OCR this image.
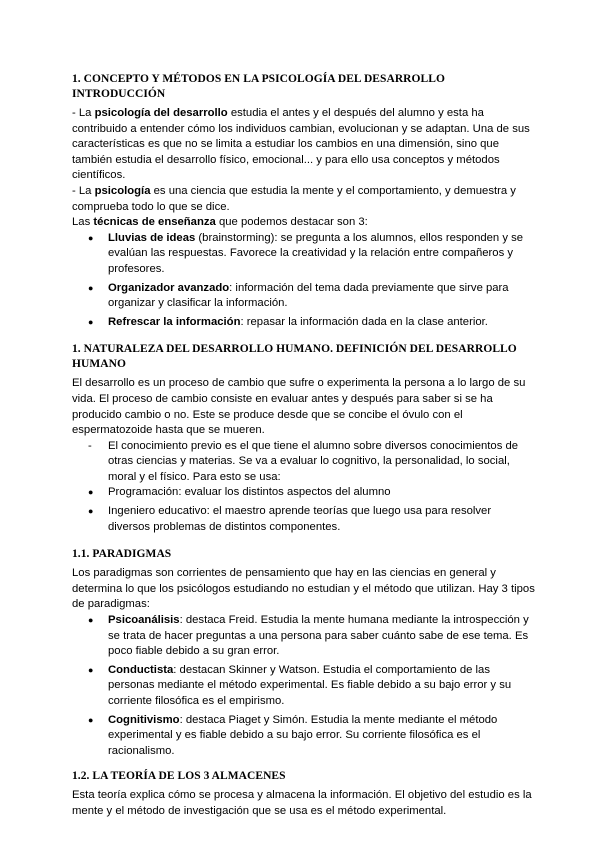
1. CONCEPTO Y MÉTODOS EN LA PSICOLOGÍA DEL DESARROLLO
INTRODUCCIÓN

- La psicología del desarrollo estudia el antes y el después del alumno y esta ha contribuido a entender cómo los individuos cambian, evolucionan y se adaptan. Una de sus características es que no se limita a estudiar los cambios en una dimensión, sino que también estudia el desarrollo físico, emocional... y para ello usa conceptos y métodos científicos.

- La psicología es una ciencia que estudia la mente y el comportamiento, y demuestra y comprueba todo lo que se dice.

Las técnicas de enseñanza que podemos destacar son 3:

●
Lluvias de ideas (brainstorming): se pregunta a los alumnos, ellos responden y se evalúan las respuestas. Favorece la creatividad y la relación entre compañeros y profesores.
●
Organizador avanzado: información del tema dada previamente que sirve para organizar y clasificar la información.
●
Refrescar la información: repasar la información dada en la clase anterior.
1. NATURALEZA DEL DESARROLLO HUMANO. DEFINICIÓN DEL DESARROLLO
HUMANO

El desarrollo es un proceso de cambio que sufre o experimenta la persona a lo largo de su vida. El proceso de cambio consiste en evaluar antes y después para saber si se ha producido cambio o no. Este se produce desde que se concibe el óvulo con el espermatozoide hasta que se mueren.

-
El conocimiento previo es el que tiene el alumno sobre diversos conocimientos de otras ciencias y materias. Se va a evaluar lo cognitivo, la personalidad, lo social, moral y el físico. Para esto se usa:
●
Programación: evaluar los distintos aspectos del alumno
●
Ingeniero educativo: el maestro aprende teorías que luego usa para resolver diversos problemas de distintos componentes.
1.1. PARADIGMAS

Los paradigmas son corrientes de pensamiento que hay en las ciencias en general y determina lo que los psicólogos estudiando no estudian y el método que utilizan. Hay 3 tipos de paradigmas:

●
Psicoanálisis: destaca Freid. Estudia la mente humana mediante la introspección y se trata de hacer preguntas a una persona para saber cuánto sabe de ese tema. Es poco fiable debido a su gran error.
●
Conductista: destacan Skinner y Watson. Estudia el comportamiento de las personas mediante el método experimental. Es fiable debido a su bajo error y su corriente filosófica es el empirismo.
●
Cognitivismo: destaca Piaget y Simón. Estudia la mente mediante el método experimental y es fiable debido a su bajo error. Su corriente filosófica es el racionalismo.
1.2. LA TEORÍA DE LOS 3 ALMACENES

Esta teoría explica cómo se procesa y almacena la información. El objetivo del estudio es la mente y el método de investigación que se usa es el método experimental.
